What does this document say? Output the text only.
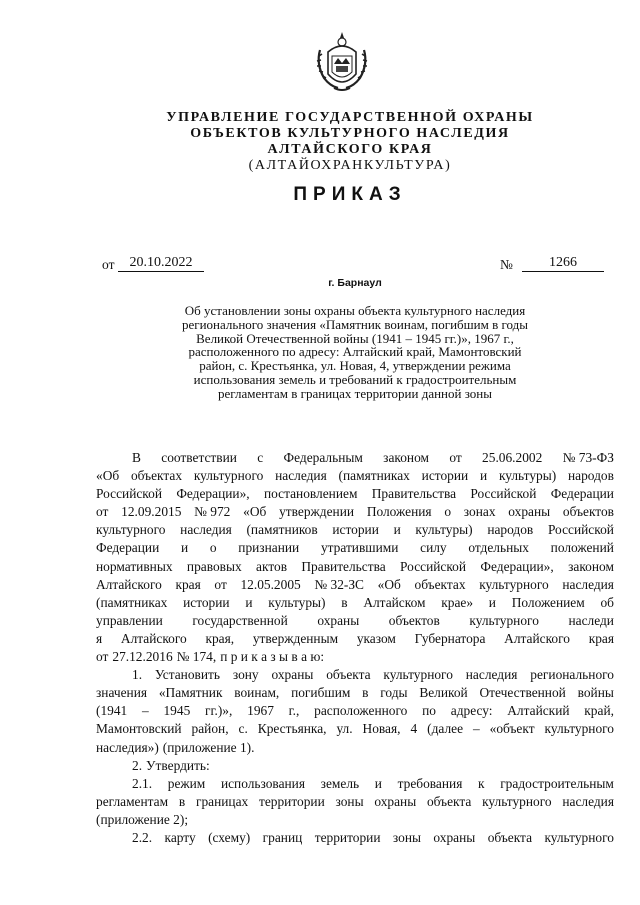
УПРАВЛЕНИЕ ГОСУДАРСТВЕННОЙ ОХРАНЫ
ОБЪЕКТОВ КУЛЬТУРНОГО НАСЛЕДИЯ
АЛТАЙСКОГО КРАЯ
(АЛТАЙОХРАНКУЛЬТУРА)
ПРИКАЗ
от	20.10.2022	№	1266
г. Барнаул
Об установлении зоны охраны объекта культурного наследия
регионального значения «Памятник воинам, погибшим в годы
Великой Отечественной войны (1941 – 1945 гг.)», 1967 г.,
расположенного по адресу: Алтайский край, Мамонтовский
район, с. Крестьянка, ул. Новая, 4, утверждении режима
использования земель и требований к градостроительным
регламентам в границах территории данной зоны
В соответствии с Федеральным законом от 25.06.2002 № 73-ФЗ
«Об объектах культурного наследия (памятниках истории и культуры) народов
Российской Федерации», постановлением Правительства Российской Федерации
от 12.09.2015 № 972 «Об утверждении Положения о зонах охраны объектов
культурного наследия (памятников истории и культуры) народов Российской
Федерации и о признании утратившими силу отдельных положений
нормативных правовых актов Правительства Российской Федерации», законом
Алтайского края от 12.05.2005 № 32-ЗС «Об объектах культурного наследия
(памятниках истории и культуры) в Алтайском крае» и Положением об
управлении государственной охраны объектов культурного наследи
я Алтайского края, утвержденным указом Губернатора Алтайского края
от 27.12.2016 № 174, п р и к а з ы в а ю:
1. Установить зону охраны объекта культурного наследия регионального
значения «Памятник воинам, погибшим в годы Великой Отечественной войны
(1941 – 1945 гг.)», 1967 г., расположенного по адресу: Алтайский край,
Мамонтовский район, с. Крестьянка, ул. Новая, 4 (далее – «объект культурного
наследия») (приложение 1).
2. Утвердить:
2.1. режим использования земель и требования к градостроительным
регламентам в границах территории зоны охраны объекта культурного наследия
(приложение 2);
2.2. карту (схему) границ территории зоны охраны объекта культурного
